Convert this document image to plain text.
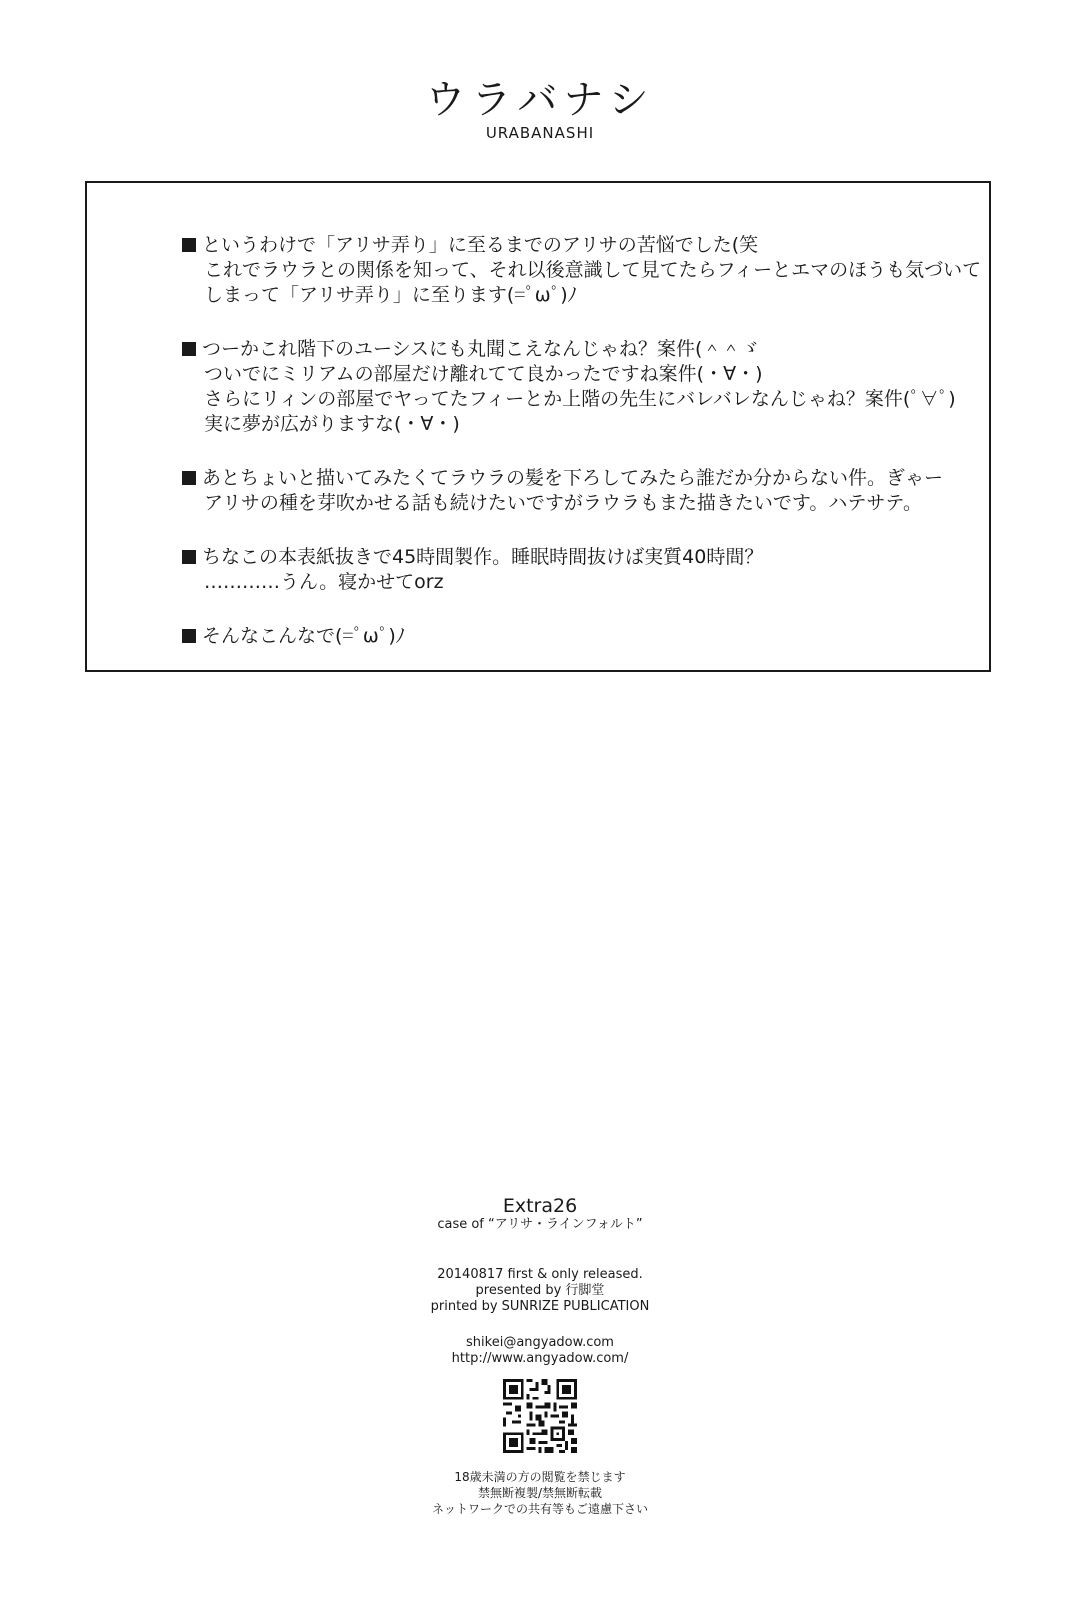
ウラバナシ
URABANASHI
というわけで「アリサ弄り」に至るまでのアリサの苦悩でした(笑
これでラウラとの関係を知って、それ以後意識して見てたらフィーとエマのほうも気づいて
しまって「アリサ弄り」に至ります(=ﾟωﾟ)ﾉ
つーかこれ階下のユーシスにも丸聞こえなんじゃね？案件(＾＾ゞ
ついでにミリアムの部屋だけ離れてて良かったですね案件(・∀・)
さらにリィンの部屋でヤってたフィーとか上階の先生にバレバレなんじゃね？案件(ﾟ∀ﾟ)
実に夢が広がりますな(・∀・)
あとちょいと描いてみたくてラウラの髪を下ろしてみたら誰だか分からない件。ぎゃー
アリサの種を芽吹かせる話も続けたいですがラウラもまた描きたいです。ハテサテ。
ちなこの本表紙抜きで45時間製作。睡眠時間抜けば実質40時間？
…………うん。寝かせてorz
そんなこんなで(=ﾟωﾟ)ﾉ
Extra26
case of “アリサ・ラインフォルト”
20140817 first & only released.
presented by 行脚堂
printed by SUNRIZE PUBLICATION
shikei@angyadow.com
http://www.angyadow.com/
18歳未満の方の閲覧を禁じます
禁無断複製/禁無断転載
ネットワークでの共有等もご遠慮下さい
